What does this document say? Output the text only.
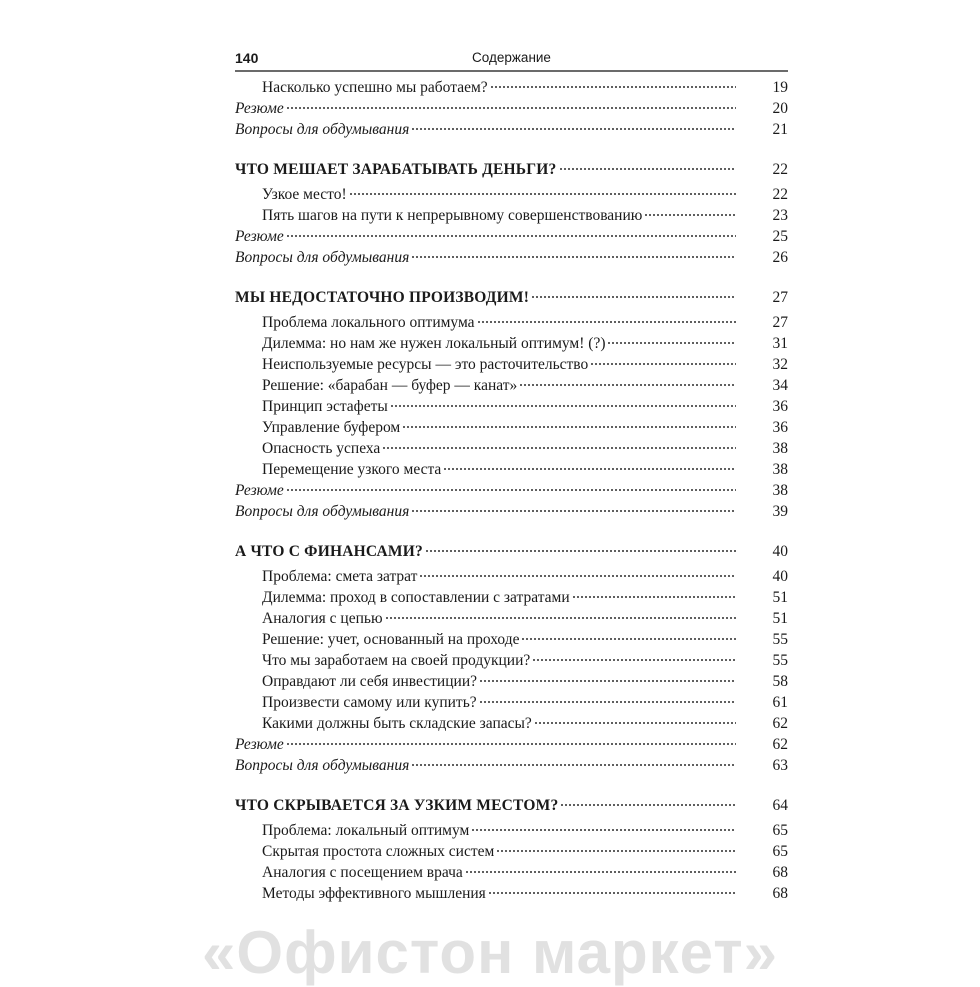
140	Содержание
Насколько успешно мы работаем?	19
Резюме	20
Вопросы для обдумывания	21
ЧТО МЕШАЕТ ЗАРАБАТЫВАТЬ ДЕНЬГИ?	22
Узкое место!	22
Пять шагов на пути к непрерывному совершенствованию	23
Резюме	25
Вопросы для обдумывания	26
МЫ НЕДОСТАТОЧНО ПРОИЗВОДИМ!	27
Проблема локального оптимума	27
Дилемма: но нам же нужен локальный оптимум! (?)	31
Неиспользуемые ресурсы — это расточительство	32
Решение: «барабан — буфер — канат»	34
Принцип эстафеты	36
Управление буфером	36
Опасность успеха	38
Перемещение узкого места	38
Резюме	38
Вопросы для обдумывания	39
А ЧТО С ФИНАНСАМИ?	40
Проблема: смета затрат	40
Дилемма: проход в сопоставлении с затратами	51
Аналогия с цепью	51
Решение: учет, основанный на проходе	55
Что мы заработаем на своей продукции?	55
Оправдают ли себя инвестиции?	58
Произвести самому или купить?	61
Какими должны быть складские запасы?	62
Резюме	62
Вопросы для обдумывания	63
ЧТО СКРЫВАЕТСЯ ЗА УЗКИМ МЕСТОМ?	64
Проблема: локальный оптимум	65
Скрытая простота сложных систем	65
Аналогия с посещением врача	68
Методы эффективного мышления	68
«Офистон маркет»
